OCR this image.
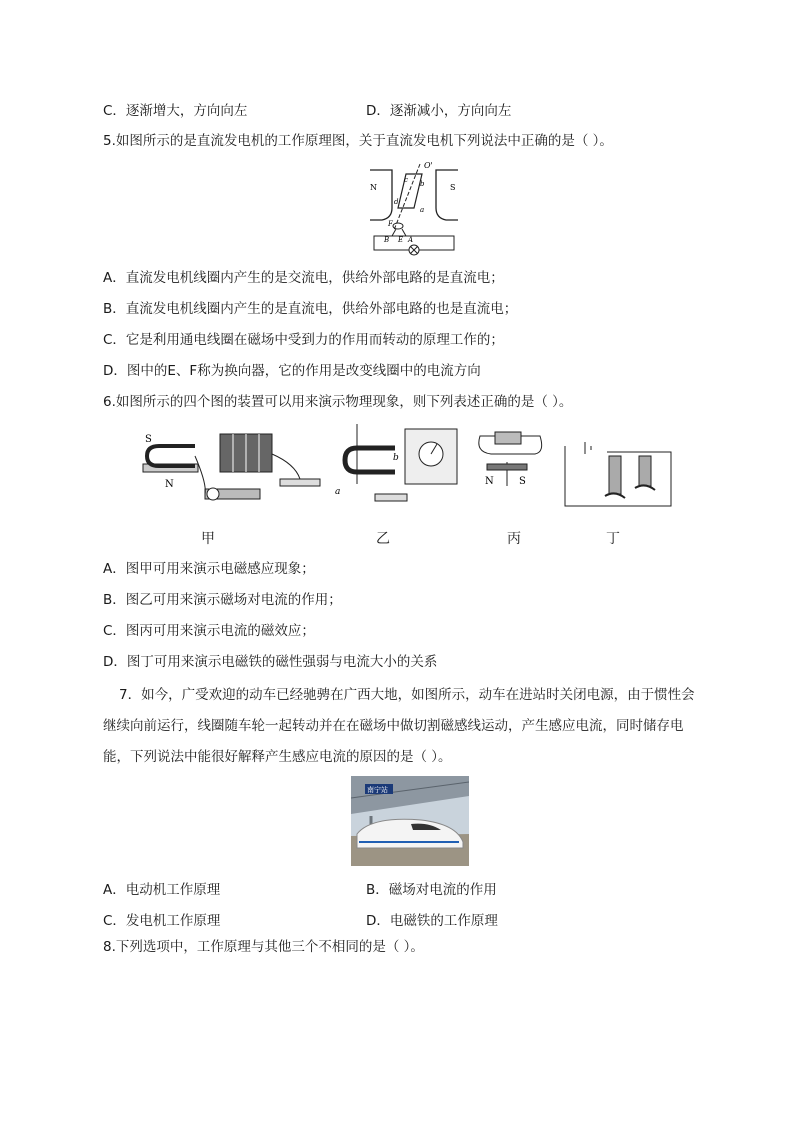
C．逐渐增大，方向向左	D．逐渐减小，方向向左
5.如图所示的是直流发电机的工作原理图，关于直流发电机下列说法中正确的是（ ）。
N	S
O'
c b
d
a
F
B E A
A．直流发电机线圈内产生的是交流电，供给外部电路的是直流电；
B．直流发电机线圈内产生的是直流电，供给外部电路的也是直流电；
C．它是利用通电线圈在磁场中受到力的作用而转动的原理工作的；
D．图中的E、F称为换向器，它的作用是改变线圈中的电流方向
6.如图所示的四个图的装置可以用来演示物理现象，则下列表述正确的是（ ）。
S
N
a
b
N	S
甲	乙	丙	丁
A．图甲可用来演示电磁感应现象；
B．图乙可用来演示磁场对电流的作用；
C．图丙可用来演示电流的磁效应；
D．图丁可用来演示电磁铁的磁性强弱与电流大小的关系
7．如今，广受欢迎的动车已经驰骋在广西大地，如图所示，动车在进站时关闭电源，由于惯性会继续向前运行，线圈随车轮一起转动并在在磁场中做切割磁感线运动，产生感应电流，同时储存电能，下列说法中能很好解释产生感应电流的原因的是（ ）。
南宁站
A．电动机工作原理	B．磁场对电流的作用
C．发电机工作原理	D．电磁铁的工作原理
8.下列选项中，工作原理与其他三个不相同的是（ ）。
